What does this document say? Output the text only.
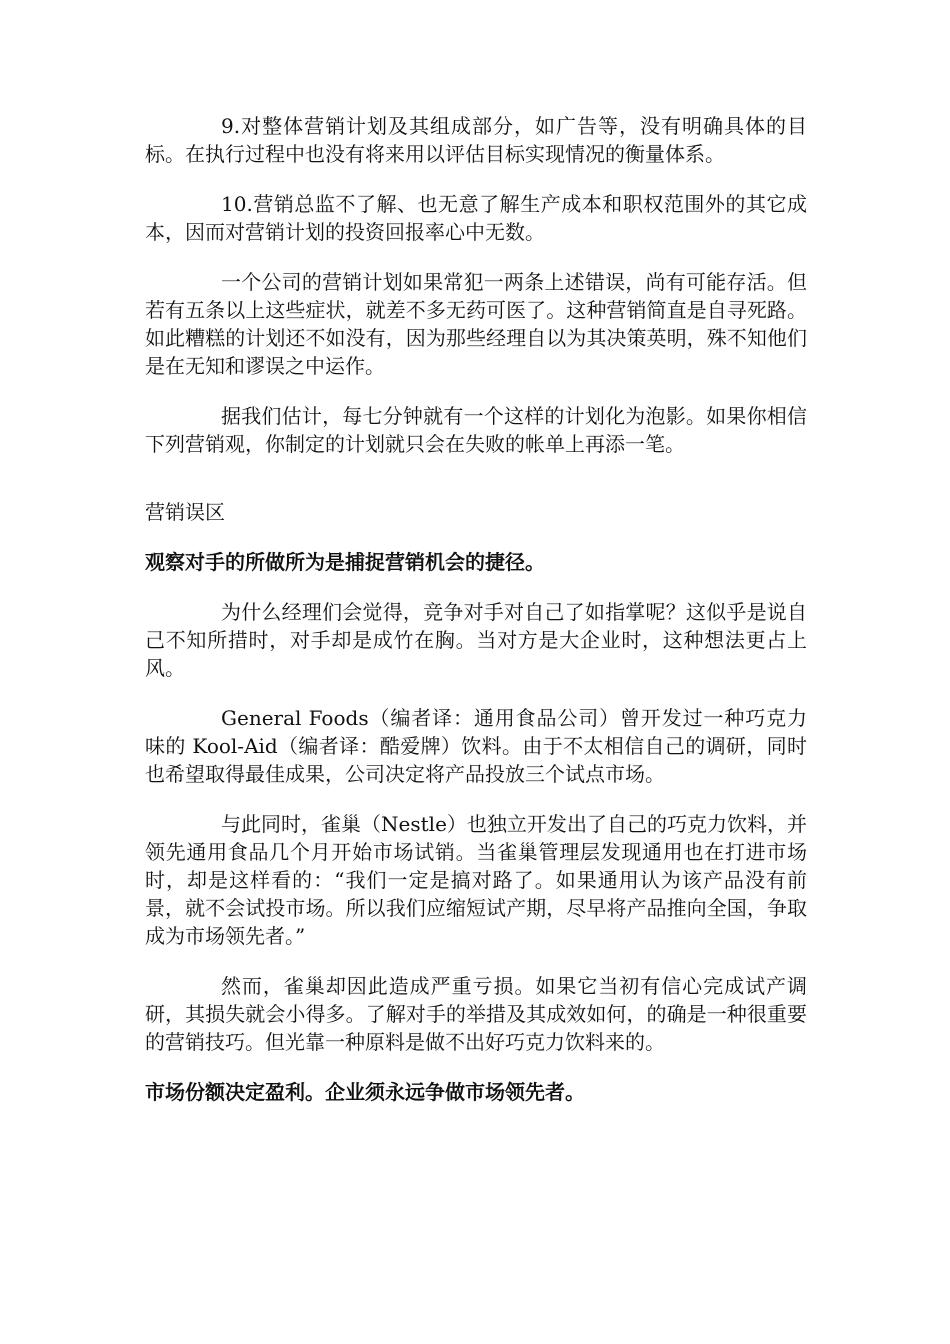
9.对整体营销计划及其组成部分，如广告等，没有明确具体的目标。在执行过程中也没有将来用以评估目标实现情况的衡量体系。

10.营销总监不了解、也无意了解生产成本和职权范围外的其它成本，因而对营销计划的投资回报率心中无数。

一个公司的营销计划如果常犯一两条上述错误，尚有可能存活。但若有五条以上这些症状，就差不多无药可医了。这种营销简直是自寻死路。如此糟糕的计划还不如没有，因为那些经理自以为其决策英明，殊不知他们是在无知和谬误之中运作。

据我们估计，每七分钟就有一个这样的计划化为泡影。如果你相信下列营销观，你制定的计划就只会在失败的帐单上再添一笔。

营销误区
观察对手的所做所为是捕捉营销机会的捷径。

为什么经理们会觉得，竞争对手对自己了如指掌呢？这似乎是说自己不知所措时，对手却是成竹在胸。当对方是大企业时，这种想法更占上风。

General Foods（编者译：通用食品公司）曾开发过一种巧克力味的 Kool-Aid（编者译：酷爱牌）饮料。由于不太相信自己的调研，同时也希望取得最佳成果，公司决定将产品投放三个试点市场。

与此同时，雀巢（Nestle）也独立开发出了自己的巧克力饮料，并领先通用食品几个月开始市场试销。当雀巢管理层发现通用也在打进市场时，却是这样看的：“我们一定是搞对路了。如果通用认为该产品没有前景，就不会试投市场。所以我们应缩短试产期，尽早将产品推向全国，争取成为市场领先者。”

然而，雀巢却因此造成严重亏损。如果它当初有信心完成试产调研，其损失就会小得多。了解对手的举措及其成效如何，的确是一种很重要的营销技巧。但光靠一种原料是做不出好巧克力饮料来的。

市场份额决定盈利。企业须永远争做市场领先者。
